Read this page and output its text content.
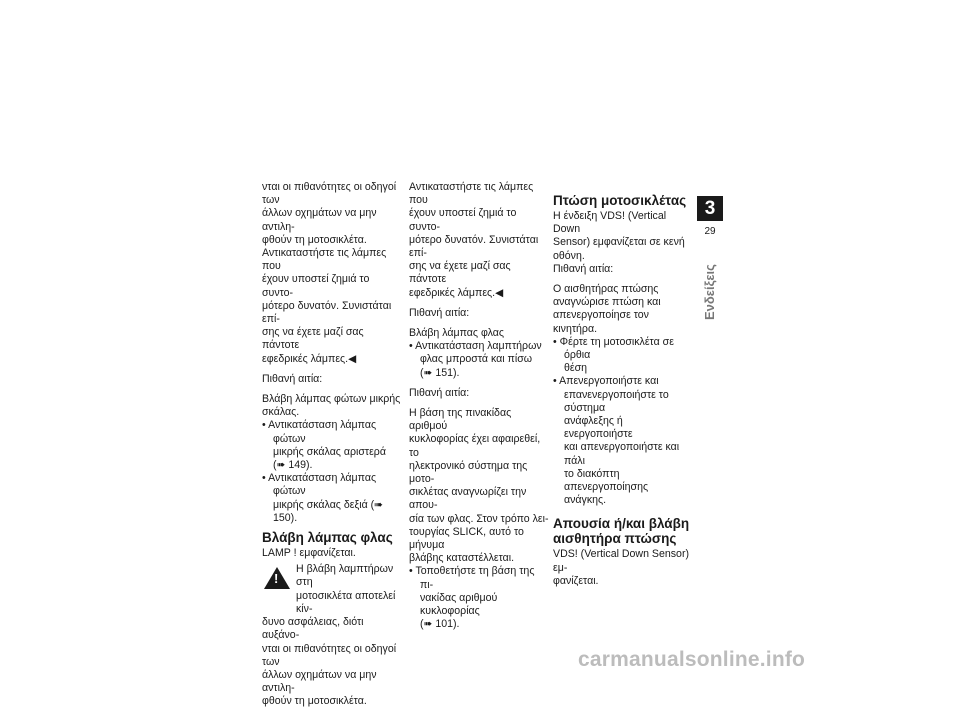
νται οι πιθανότητες οι οδηγοί των
άλλων οχημάτων να μην αντιλη-
φθούν τη μοτοσικλέτα.
Αντικαταστήστε τις λάμπες που
έχουν υποστεί ζημιά το συντο-
μότερο δυνατόν. Συνιστάται επί-
σης να έχετε μαζί σας πάντοτε
εφεδρικές λάμπες.◀

Πιθανή αιτία:

Βλάβη λάμπας φώτων μικρής
σκάλας.

• Αντικατάσταση λάμπας φώτων
μικρής σκάλας αριστερά
(➠ 149).

• Αντικατάσταση λάμπας φώτων
μικρής σκάλας δεξιά (➠ 150).

Βλάβη λάμπας φλας

LAMP ! εμφανίζεται.

!

Η βλάβη λαμπτήρων στη
μοτοσικλέτα αποτελεί κίν-

δυνο ασφάλειας, διότι αυξάνο-
νται οι πιθανότητες οι οδηγοί των
άλλων οχημάτων να μην αντιλη-
φθούν τη μοτοσικλέτα.

Αντικαταστήστε τις λάμπες που
έχουν υποστεί ζημιά το συντο-
μότερο δυνατόν. Συνιστάται επί-
σης να έχετε μαζί σας πάντοτε
εφεδρικές λάμπες.◀

Πιθανή αιτία:

Βλάβη λάμπας φλας

• Αντικατάσταση λαμπτήρων
φλας μπροστά και πίσω
(➠ 151).

Πιθανή αιτία:

Η βάση της πινακίδας αριθμού
κυκλοφορίας έχει αφαιρεθεί, το
ηλεκτρονικό σύστημα της μοτο-
σικλέτας αναγνωρίζει την απου-
σία των φλας. Στον τρόπο λει-
τουργίας SLICK, αυτό το μήνυμα
βλάβης καταστέλλεται.

• Τοποθετήστε τη βάση της πι-
νακίδας αριθμού κυκλοφορίας
(➠ 101).

Πτώση μοτοσικλέτας

Η ένδειξη VDS! (Vertical Down
Sensor) εμφανίζεται σε κενή
οθόνη.

Πιθανή αιτία:

Ο αισθητήρας πτώσης
αναγνώρισε πτώση και
απενεργοποίησε τον κινητήρα.

• Φέρτε τη μοτοσικλέτα σε όρθια
θέση

• Απενεργοποιήστε και
επανενεργοποιήστε το σύστημα
ανάφλεξης ή ενεργοποιήστε
και απενεργοποιήστε και πάλι
το διακόπτη απενεργοποίησης
ανάγκης.

Απουσία ή/και βλάβη
αισθητήρα πτώσης

VDS! (Vertical Down Sensor) εμ-
φανίζεται.

3
29
Ενδείξεις
carmanualsonline.info
